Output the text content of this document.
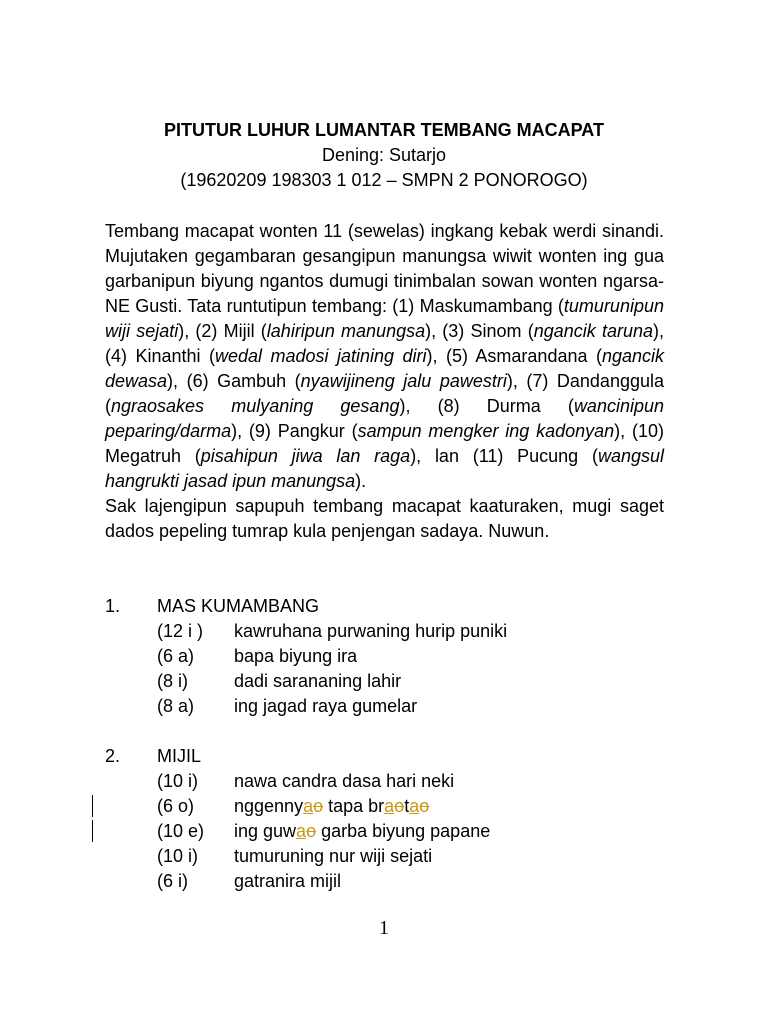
PITUTUR LUHUR LUMANTAR TEMBANG MACAPAT
Dening: Sutarjo
(19620209 198303 1 012 – SMPN 2 PONOROGO)

Tembang macapat wonten 11 (sewelas) ingkang kebak werdi sinandi. Mujutaken gegambaran gesangipun manungsa wiwit wonten ing gua garbanipun biyung ngantos dumugi tinimbalan sowan wonten ngarsa-NE Gusti. Tata runtutipun tembang: (1) Maskumambang (tumurunipun wiji sejati), (2) Mijil (lahiripun manungsa), (3) Sinom (ngancik taruna), (4) Kinanthi (wedal madosi jatining diri), (5) Asmarandana (ngancik dewasa), (6) Gambuh (nyawijineng jalu pawestri), (7) Dandanggula (ngraosakes mulyaning gesang), (8) Durma (wancinipun peparing/darma), (9) Pangkur (sampun mengker ing kadonyan), (10) Megatruh (pisahipun jiwa lan raga), lan (11) Pucung (wangsul hangrukti jasad ipun manungsa).

Sak lajengipun sapupuh tembang macapat kaaturaken, mugi saget dados pepeling tumrap kula penjengan sadaya. Nuwun.

1. MAS KUMAMBANG
(12 i ) kawruhana purwaning hurip puniki
(6 a) bapa biyung ira
(8 i)	dadi sarananing lahir
(8 a) ing jagad raya gumelar
2. MIJIL
(10 i) nawa candra dasa hari neki
(6 o) nggennyao tapa braotao
(10 e) ing guwao garba biyung papane
(10 i) tumuruning nur wiji sejati
(6 i)	gatranira mijil
1
